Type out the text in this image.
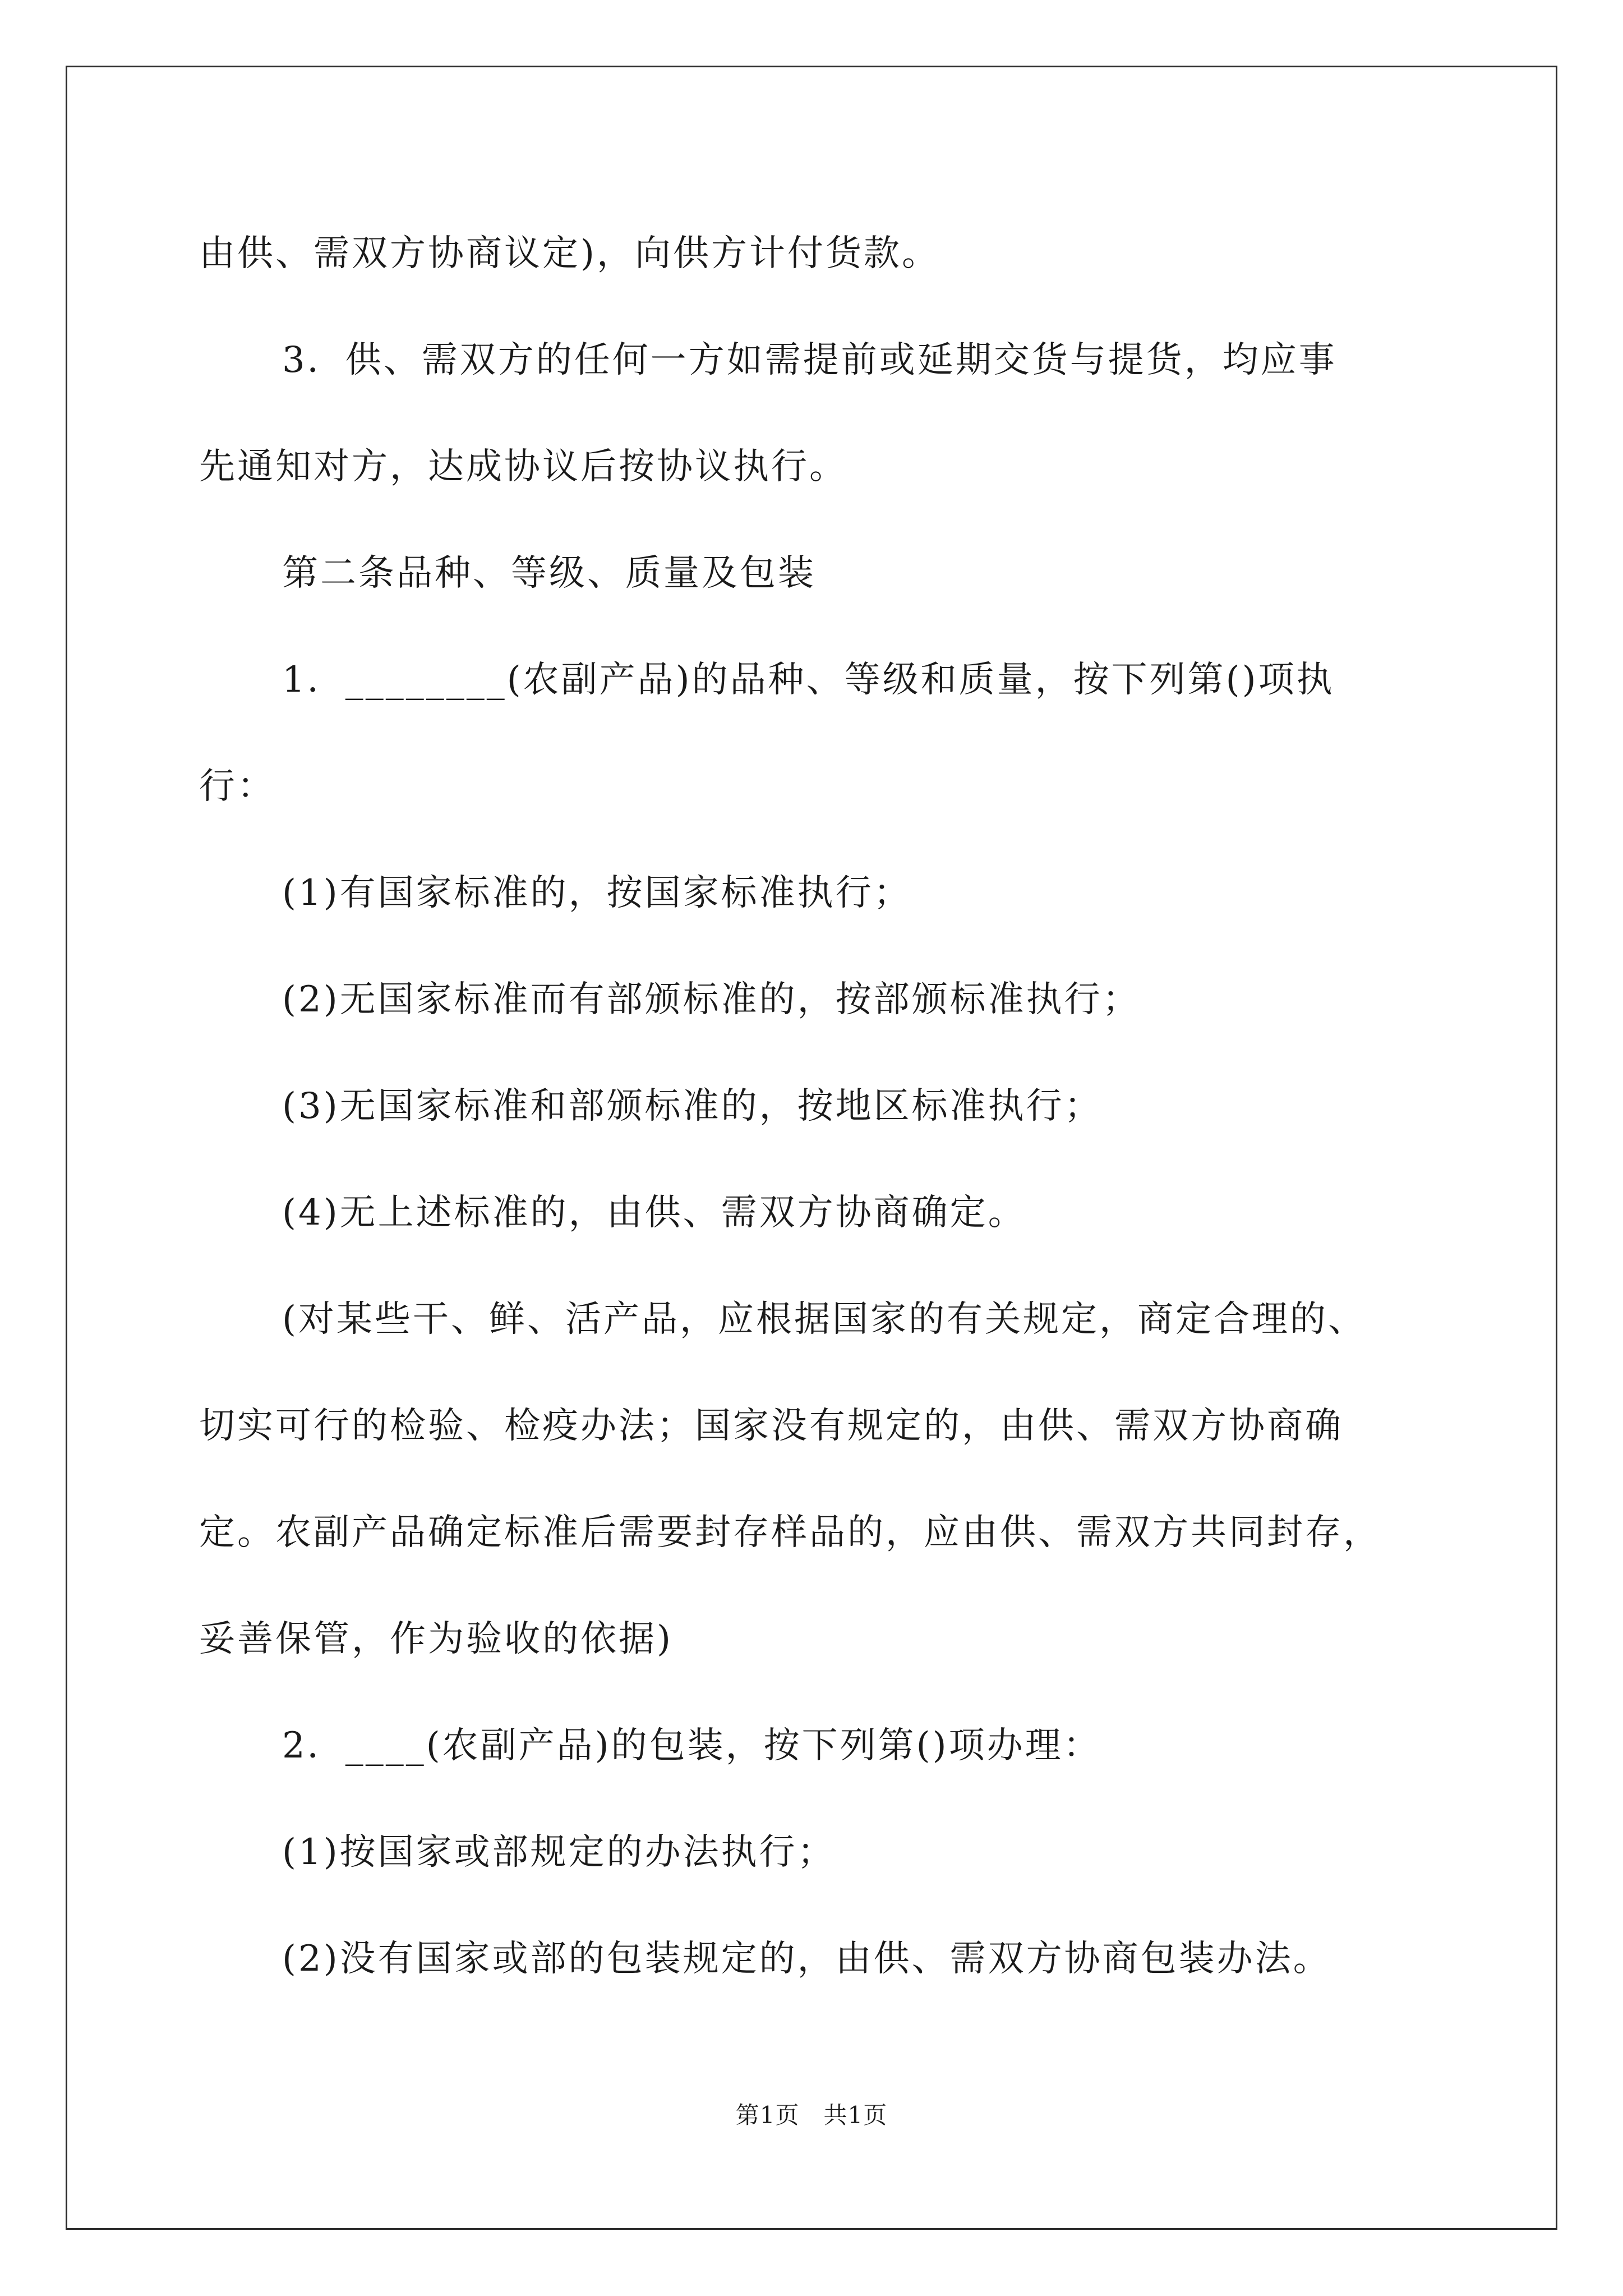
由供、需双方协商议定)，向供方计付货款。
3．供、需双方的任何一方如需提前或延期交货与提货，均应事
先通知对方，达成协议后按协议执行。
第二条品种、等级、质量及包装
1．________(农副产品)的品种、等级和质量，按下列第()项执
行：
(1)有国家标准的，按国家标准执行；
(2)无国家标准而有部颁标准的，按部颁标准执行；
(3)无国家标准和部颁标准的，按地区标准执行；
(4)无上述标准的，由供、需双方协商确定。
(对某些干、鲜、活产品，应根据国家的有关规定，商定合理的、
切实可行的检验、检疫办法；国家没有规定的，由供、需双方协商确
定。农副产品确定标准后需要封存样品的，应由供、需双方共同封存，
妥善保管，作为验收的依据)
2．____(农副产品)的包装，按下列第()项办理：
(1)按国家或部规定的办法执行；
(2)没有国家或部的包装规定的，由供、需双方协商包装办法。
第1页　共1页
